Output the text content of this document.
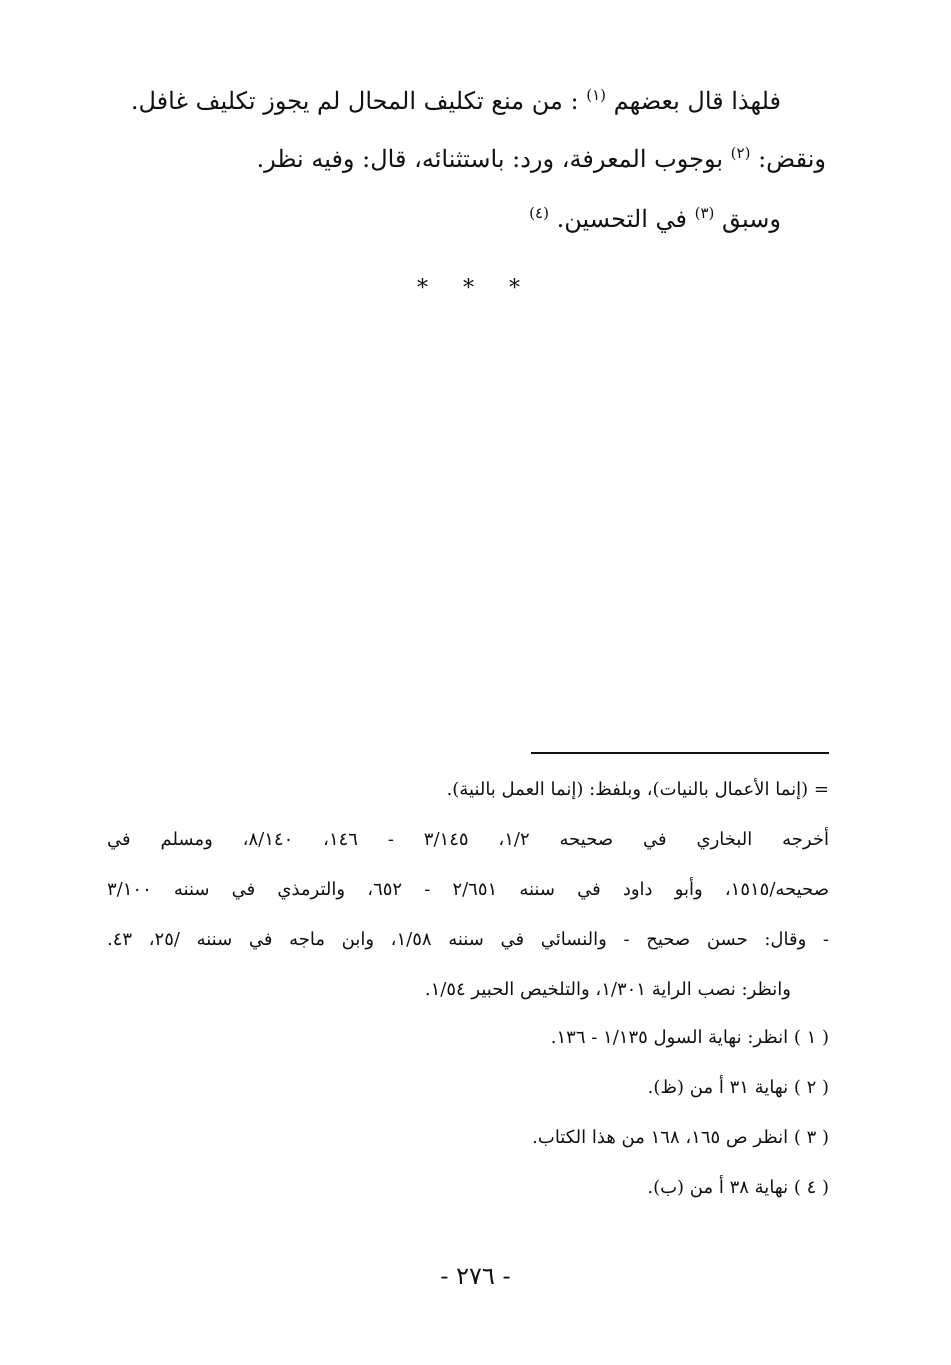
فلهذا قال بعضهم $^{(١)}$ : من منع تكليف المحال لم يجوز تكليف غافل.

ونقض: $^{(٢)}$ بوجوب المعرفة، ورد: باستثنائه، قال: وفيه نظر.

وسبق $^{(٣)}$ في التحسين. $^{(٤)}$

* * *

= (إنما الأعمال بالنيات)، وبلفظ: (إنما العمل بالنية).

أخرجه البخاري في صحيحه ١/٢، ٣/١٤٥ - ١٤٦، ٨/١٤٠، ومسلم في

صحيحه/١٥١٥، وأبو داود في سننه ٢/٦٥١ - ٦٥٢، والترمذي في سننه ٣/١٠٠

- وقال: حسن صحيح - والنسائي في سننه ١/٥٨، وابن ماجه في سننه /٢٥، ٤٣.

وانظر: نصب الراية ١/٣٠١، والتلخيص الحبير ١/٥٤.

( ١ ) انظر: نهاية السول ١/١٣٥ - ١٣٦.

( ٢ ) نهاية ٣١ أ من (ظ).

( ٣ ) انظر ص ١٦٥، ١٦٨ من هذا الكتاب.

( ٤ ) نهاية ٣٨ أ من (ب).

- ٢٧٦ -
